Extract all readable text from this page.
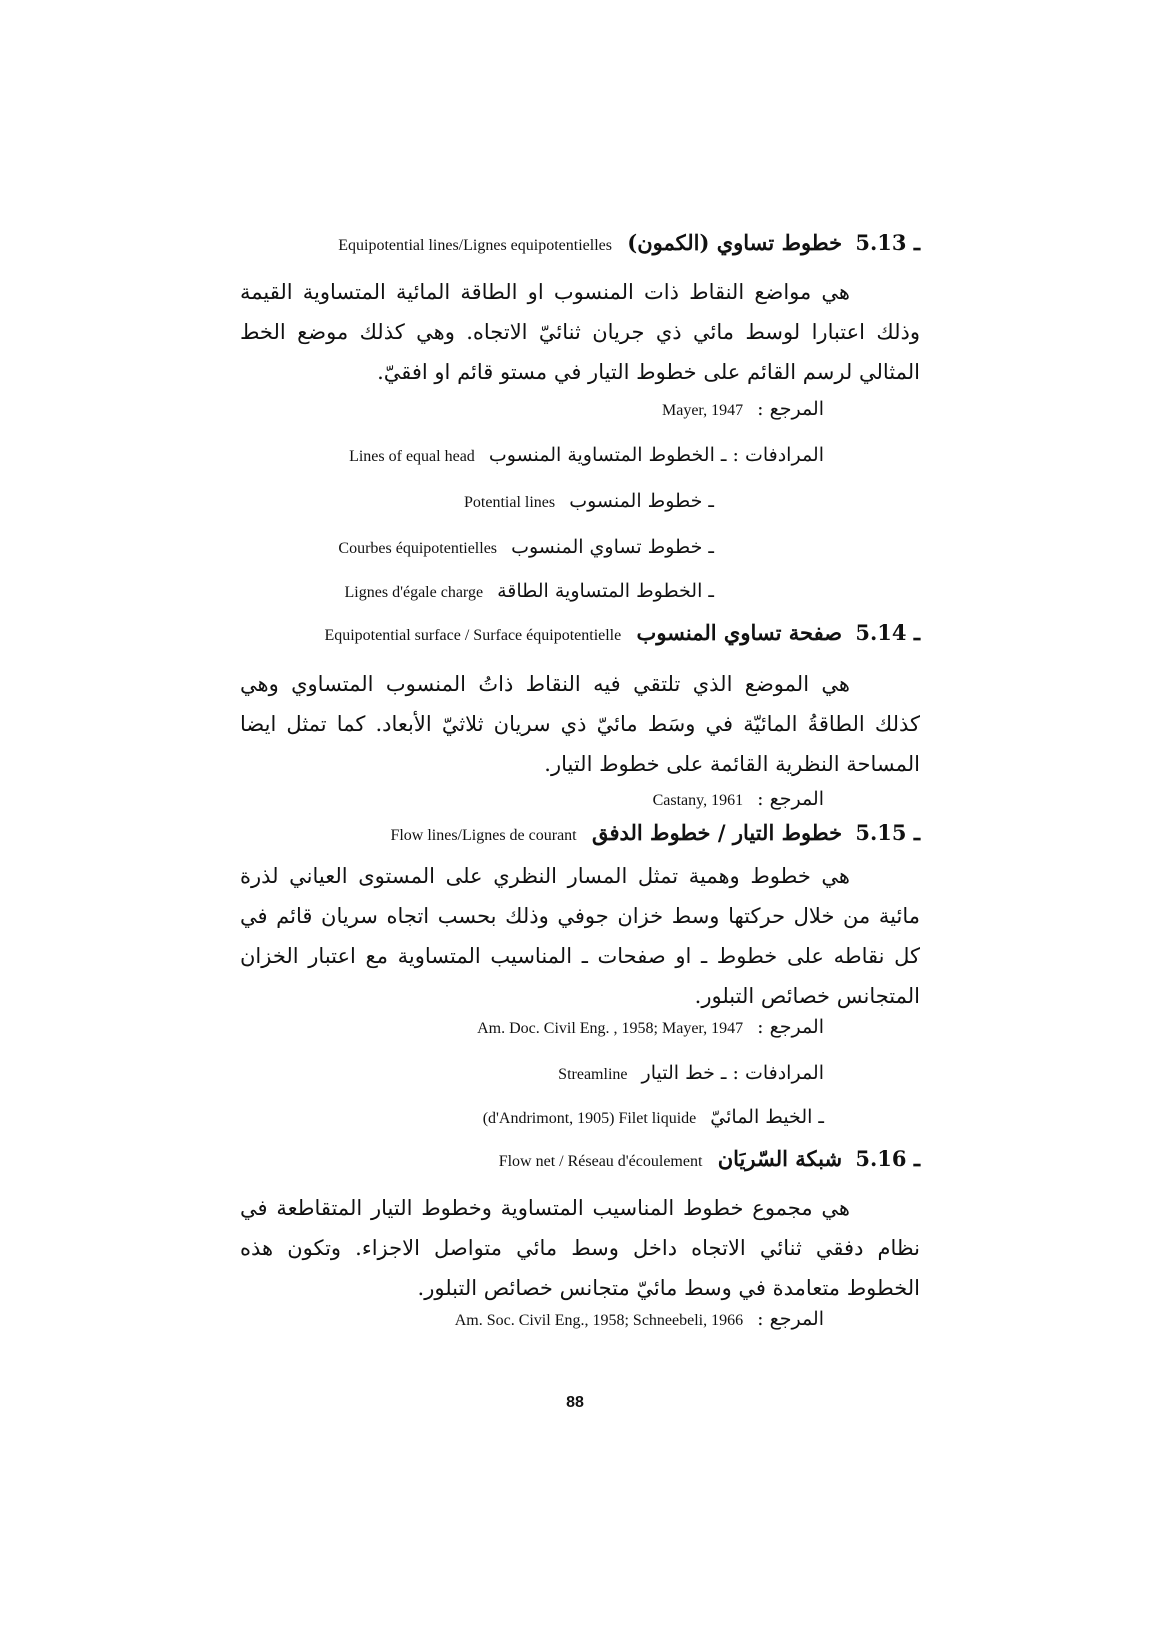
5.13 ـ خطوط تساوي (الكمون) Equipotential lines/Lignes equipotentielles
هي مواضع النقاط ذات المنسوب او الطاقة المائية المتساوية القيمة وذلك اعتبارا لوسط مائي ذي جريان ثنائيّ الاتجاه. وهي كذلك موضع الخط المثالي لرسم القائم على خطوط التيار في مستو قائم او افقيّ.
المرجع : Mayer, 1947
المرادفات : ـ الخطوط المتساوية المنسوب Lines of equal head
ـ خطوط المنسوب Potential lines
ـ خطوط تساوي المنسوب Courbes équipotentielles
ـ الخطوط المتساوية الطاقة Lignes d'égale charge
5.14 ـ صفحة تساوي المنسوب Equipotential surface / Surface équipotentielle
هي الموضع الذي تلتقي فيه النقاط ذاتُ المنسوب المتساوي وهي كذلك الطاقةُ المائيّة في وسَط مائيّ ذي سريان ثلاثيّ الأبعاد. كما تمثل ايضا المساحة النظرية القائمة على خطوط التيار.
المرجع : Castany, 1961
5.15 ـ خطوط التيار / خطوط الدفق Flow lines/Lignes de courant
هي خطوط وهمية تمثل المسار النظري على المستوى العياني لذرة مائية من خلال حركتها وسط خزان جوفي وذلك بحسب اتجاه سريان قائم في كل نقاطه على خطوط ـ او صفحات ـ المناسيب المتساوية مع اعتبار الخزان المتجانس خصائص التبلور.
المرجع : Am. Doc. Civil Eng. , 1958; Mayer, 1947
المرادفات : ـ خط التيار Streamline
ـ الخيط المائيّ (d'Andrimont, 1905) Filet liquide
5.16 ـ شبكة السّريَان Flow net / Réseau d'écoulement
هي مجموع خطوط المناسيب المتساوية وخطوط التيار المتقاطعة في نظام دفقي ثنائي الاتجاه داخل وسط مائي متواصل الاجزاء. وتكون هذه الخطوط متعامدة في وسط مائيّ متجانس خصائص التبلور.
المرجع : Am. Soc. Civil Eng., 1958; Schneebeli, 1966
88
